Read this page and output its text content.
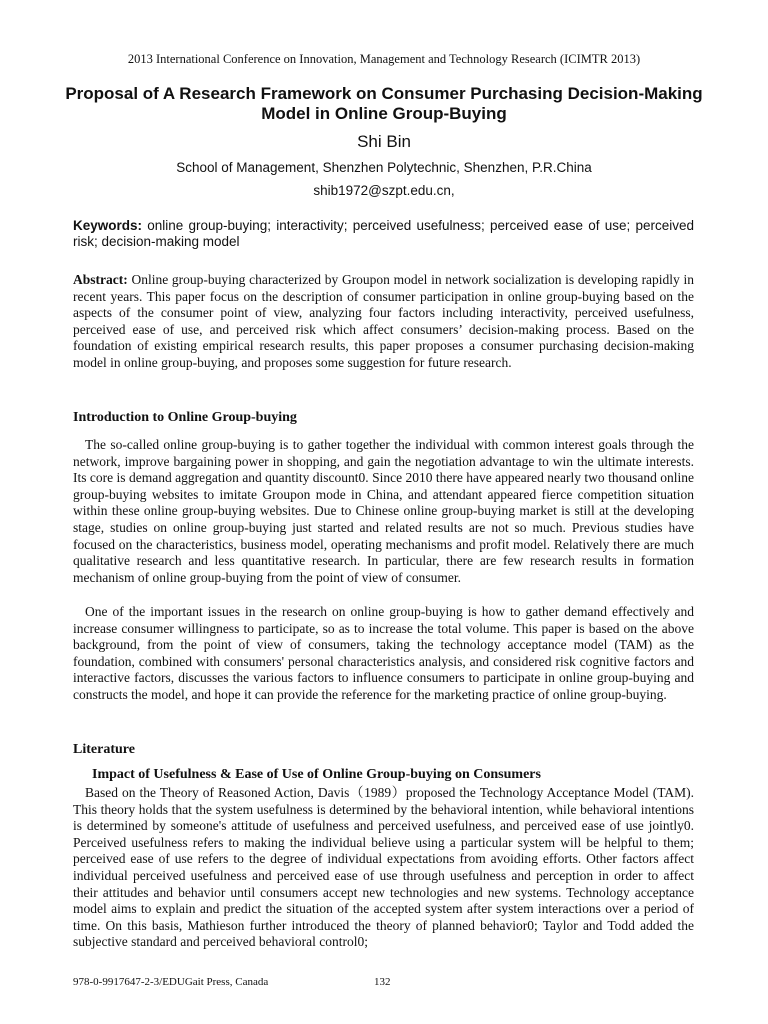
2013 International Conference on Innovation, Management and Technology Research (ICIMTR 2013)
Proposal of A Research Framework on Consumer Purchasing Decision-Making Model in Online Group-Buying
Shi Bin
School of Management, Shenzhen Polytechnic, Shenzhen, P.R.China
shib1972@szpt.edu.cn,
Keywords: online group-buying; interactivity; perceived usefulness; perceived ease of use; perceived risk; decision-making model
Abstract: Online group-buying characterized by Groupon model in network socialization is developing rapidly in recent years. This paper focus on the description of consumer participation in online group-buying based on the aspects of the consumer point of view, analyzing four factors including interactivity, perceived usefulness, perceived ease of use, and perceived risk which affect consumers’ decision-making process. Based on the foundation of existing empirical research results, this paper proposes a consumer purchasing decision-making model in online group-buying, and proposes some suggestion for future research.
Introduction to Online Group-buying
The so-called online group-buying is to gather together the individual with common interest goals through the network, improve bargaining power in shopping, and gain the negotiation advantage to win the ultimate interests. Its core is demand aggregation and quantity discount0. Since 2010 there have appeared nearly two thousand online group-buying websites to imitate Groupon mode in China, and attendant appeared fierce competition situation within these online group-buying websites. Due to Chinese online group-buying market is still at the developing stage, studies on online group-buying just started and related results are not so much. Previous studies have focused on the characteristics, business model, operating mechanisms and profit model. Relatively there are much qualitative research and less quantitative research. In particular, there are few research results in formation mechanism of online group-buying from the point of view of consumer.
One of the important issues in the research on online group-buying is how to gather demand effectively and increase consumer willingness to participate, so as to increase the total volume. This paper is based on the above background, from the point of view of consumers, taking the technology acceptance model (TAM) as the foundation, combined with consumers' personal characteristics analysis, and considered risk cognitive factors and interactive factors, discusses the various factors to influence consumers to participate in online group-buying and constructs the model, and hope it can provide the reference for the marketing practice of online group-buying.
Literature
Impact of Usefulness & Ease of Use of Online Group-buying on Consumers
Based on the Theory of Reasoned Action, Davis（1989）proposed the Technology Acceptance Model (TAM). This theory holds that the system usefulness is determined by the behavioral intention, while behavioral intentions is determined by someone's attitude of usefulness and perceived usefulness, and perceived ease of use jointly0. Perceived usefulness refers to making the individual believe using a particular system will be helpful to them; perceived ease of use refers to the degree of individual expectations from avoiding efforts. Other factors affect individual perceived usefulness and perceived ease of use through usefulness and perception in order to affect their attitudes and behavior until consumers accept new technologies and new systems. Technology acceptance model aims to explain and predict the situation of the accepted system after system interactions over a period of time. On this basis, Mathieson further introduced the theory of planned behavior0; Taylor and Todd added the subjective standard and perceived behavioral control0;
978-0-9917647-2-3/EDUGait Press, Canada	132
